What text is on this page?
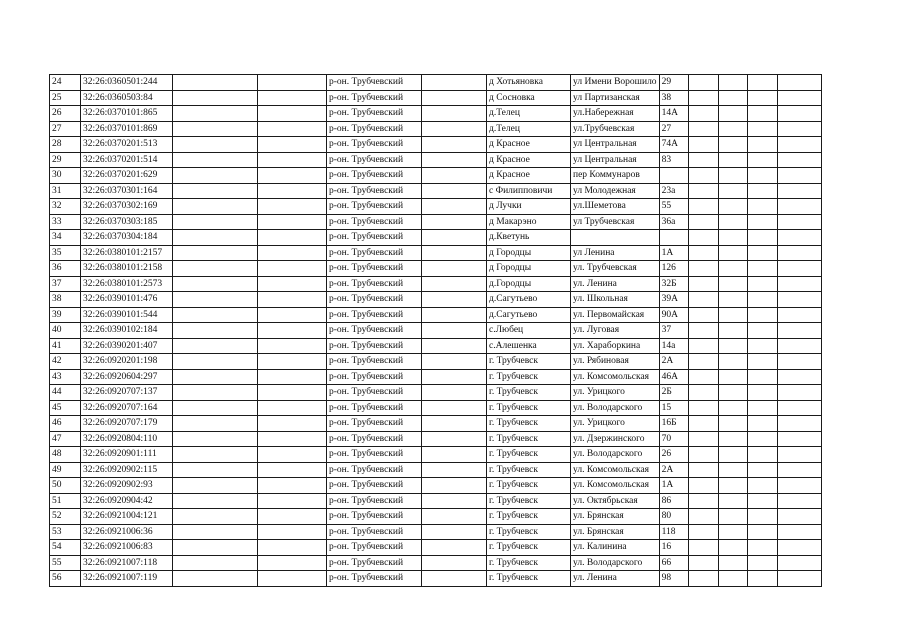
24	32:26:0360501:244			р-он. Трубчевский		д Хотьяновка	ул Имени Ворошило	29				
25	32:26:0360503:84			р-он. Трубчевский		д Сосновка	ул Партизанская	38				
26	32:26:0370101:865			р-он. Трубчевский		д.Телец	ул.Набережная	14А				
27	32:26:0370101:869			р-он. Трубчевский		д.Телец	ул.Трубчевская	27				
28	32:26:0370201:513			р-он. Трубчевский		д Красное	ул Центральная	74А				
29	32:26:0370201:514			р-он. Трубчевский		д Красное	ул Центральная	83				
30	32:26:0370201:629			р-он. Трубчевский		д Красное	пер Коммунаров					
31	32:26:0370301:164			р-он. Трубчевский		с Филипповичи	ул Молодежная	23а				
32	32:26:0370302:169			р-он. Трубчевский		д Лучки	ул.Шеметова	55				
33	32:26:0370303:185			р-он. Трубчевский		д Макарэно	ул Трубчевская	36а				
34	32:26:0370304:184			р-он. Трубчевский		д.Кветунь						
35	32:26:0380101:2157			р-он. Трубчевский		д Городцы	ул Ленина	1А				
36	32:26:0380101:2158			р-он. Трубчевский		д Городцы	ул. Трубчевская	126				
37	32:26:0380101:2573			р-он. Трубчевский		д.Городцы	ул. Ленина	32Б				
38	32:26:0390101:476			р-он. Трубчевский		д.Сагутьево	ул. Школьная	39А				
39	32:26:0390101:544			р-он. Трубчевский		д.Сагутьево	ул. Первомайская	90А				
40	32:26:0390102:184			р-он. Трубчевский		с.Любец	ул. Луговая	37				
41	32:26:0390201:407			р-он. Трубчевский		с.Алешенка	ул. Хараборкина	14а				
42	32:26:0920201:198			р-он. Трубчевский		г. Трубчевск	ул. Рябиновая	2А				
43	32:26:0920604:297			р-он. Трубчевский		г. Трубчевск	ул. Комсомольская	46А				
44	32:26:0920707:137			р-он. Трубчевский		г. Трубчевск	ул. Урицкого	2Б				
45	32:26:0920707:164			р-он. Трубчевский		г. Трубчевск	ул. Володарского	15				
46	32:26:0920707:179			р-он. Трубчевский		г. Трубчевск	ул. Урицкого	16Б				
47	32:26:0920804:110			р-он. Трубчевский		г. Трубчевск	ул. Дзержинского	70				
48	32:26:0920901:111			р-он. Трубчевский		г. Трубчевск	ул. Володарского	26				
49	32:26:0920902:115			р-он. Трубчевский		г. Трубчевск	ул. Комсомольская	2А				
50	32:26:0920902:93			р-он. Трубчевский		г. Трубчевск	ул. Комсомольская	1А				
51	32:26:0920904:42			р-он. Трубчевский		г. Трубчевск	ул. Октябрьская	86				
52	32:26:0921004:121			р-он. Трубчевский		г. Трубчевск	ул. Брянская	80				
53	32:26:0921006:36			р-он. Трубчевский		г. Трубчевск	ул. Брянская	118				
54	32:26:0921006:83			р-он. Трубчевский		г. Трубчевск	ул. Калинина	16				
55	32:26:0921007:118			р-он. Трубчевский		г. Трубчевск	ул. Володарского	66				
56	32:26:0921007:119			р-он. Трубчевский		г. Трубчевск	ул. Ленина	98				
